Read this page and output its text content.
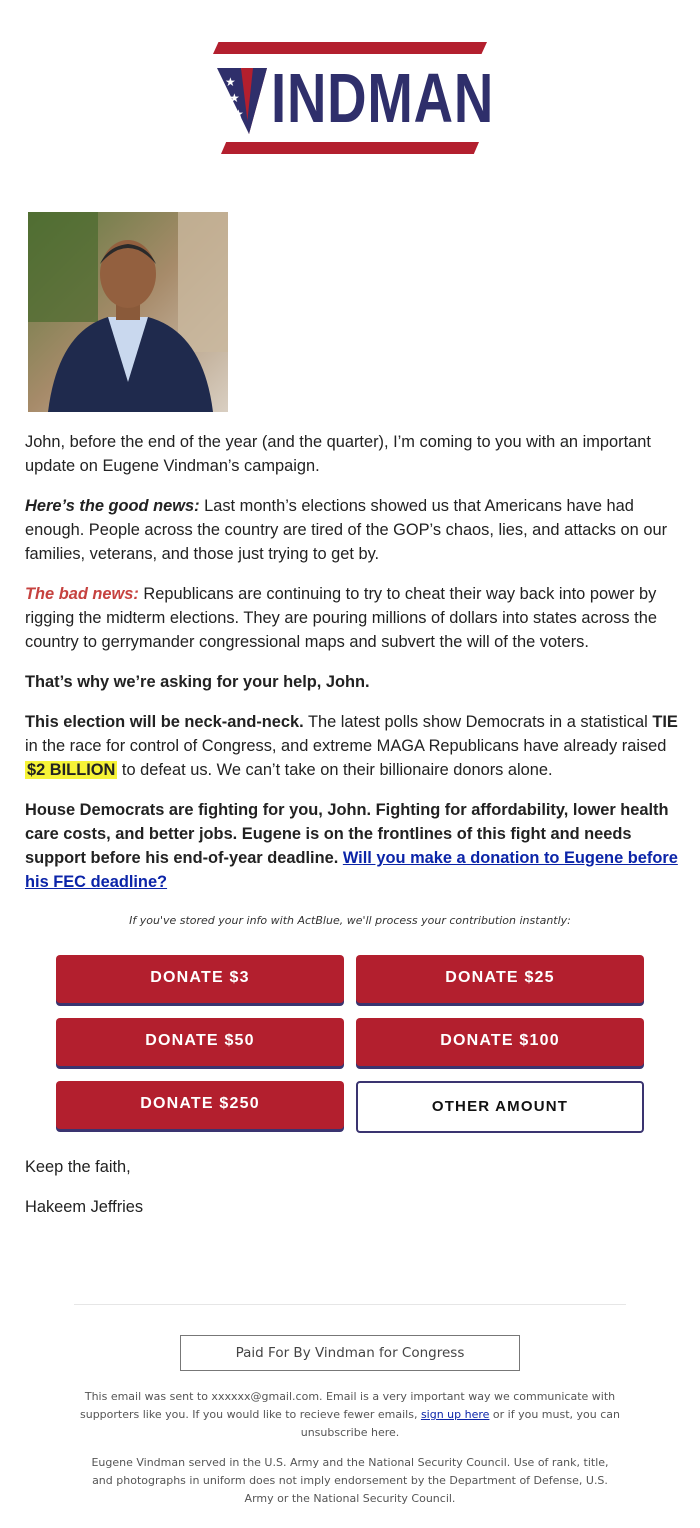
★
★
★ INDMAN

John, before the end of the year (and the quarter), I’m coming to you with an important update on Eugene Vindman’s campaign.

Here’s the good news: Last month’s elections showed us that Americans have had enough. People across the country are tired of the GOP’s chaos, lies, and attacks on our families, veterans, and those just trying to get by.

The bad news: Republicans are continuing to try to cheat their way back into power by rigging the midterm elections. They are pouring millions of dollars into states across the country to gerrymander congressional maps and subvert the will of the voters.

That’s why we’re asking for your help, John.

This election will be neck-and-neck. The latest polls show Democrats in a statistical TIE in the race for control of Congress, and extreme MAGA Republicans have already raised $2 BILLION to defeat us. We can’t take on their billionaire donors alone.

House Democrats are fighting for you, John. Fighting for affordability, lower health care costs, and better jobs. Eugene is on the frontlines of this fight and needs support before his end-of-year deadline. Will you make a donation to Eugene before his FEC deadline?

If you've stored your info with ActBlue, we'll process your contribution instantly:
DONATE $3	DONATE $25
DONATE $50	DONATE $100
DONATE $250	OTHER AMOUNT
Keep the faith,
Hakeem Jeffries
Paid For By Vindman for Congress
This email was sent to xxxxxx@gmail.com. Email is a very important way we communicate with supporters like you. If you would like to recieve fewer emails, sign up here or if you must, you can unsubscribe here.
Eugene Vindman served in the U.S. Army and the National Security Council. Use of rank, title, and photographs in uniform does not imply endorsement by the Department of Defense, U.S. Army or the National Security Council.
